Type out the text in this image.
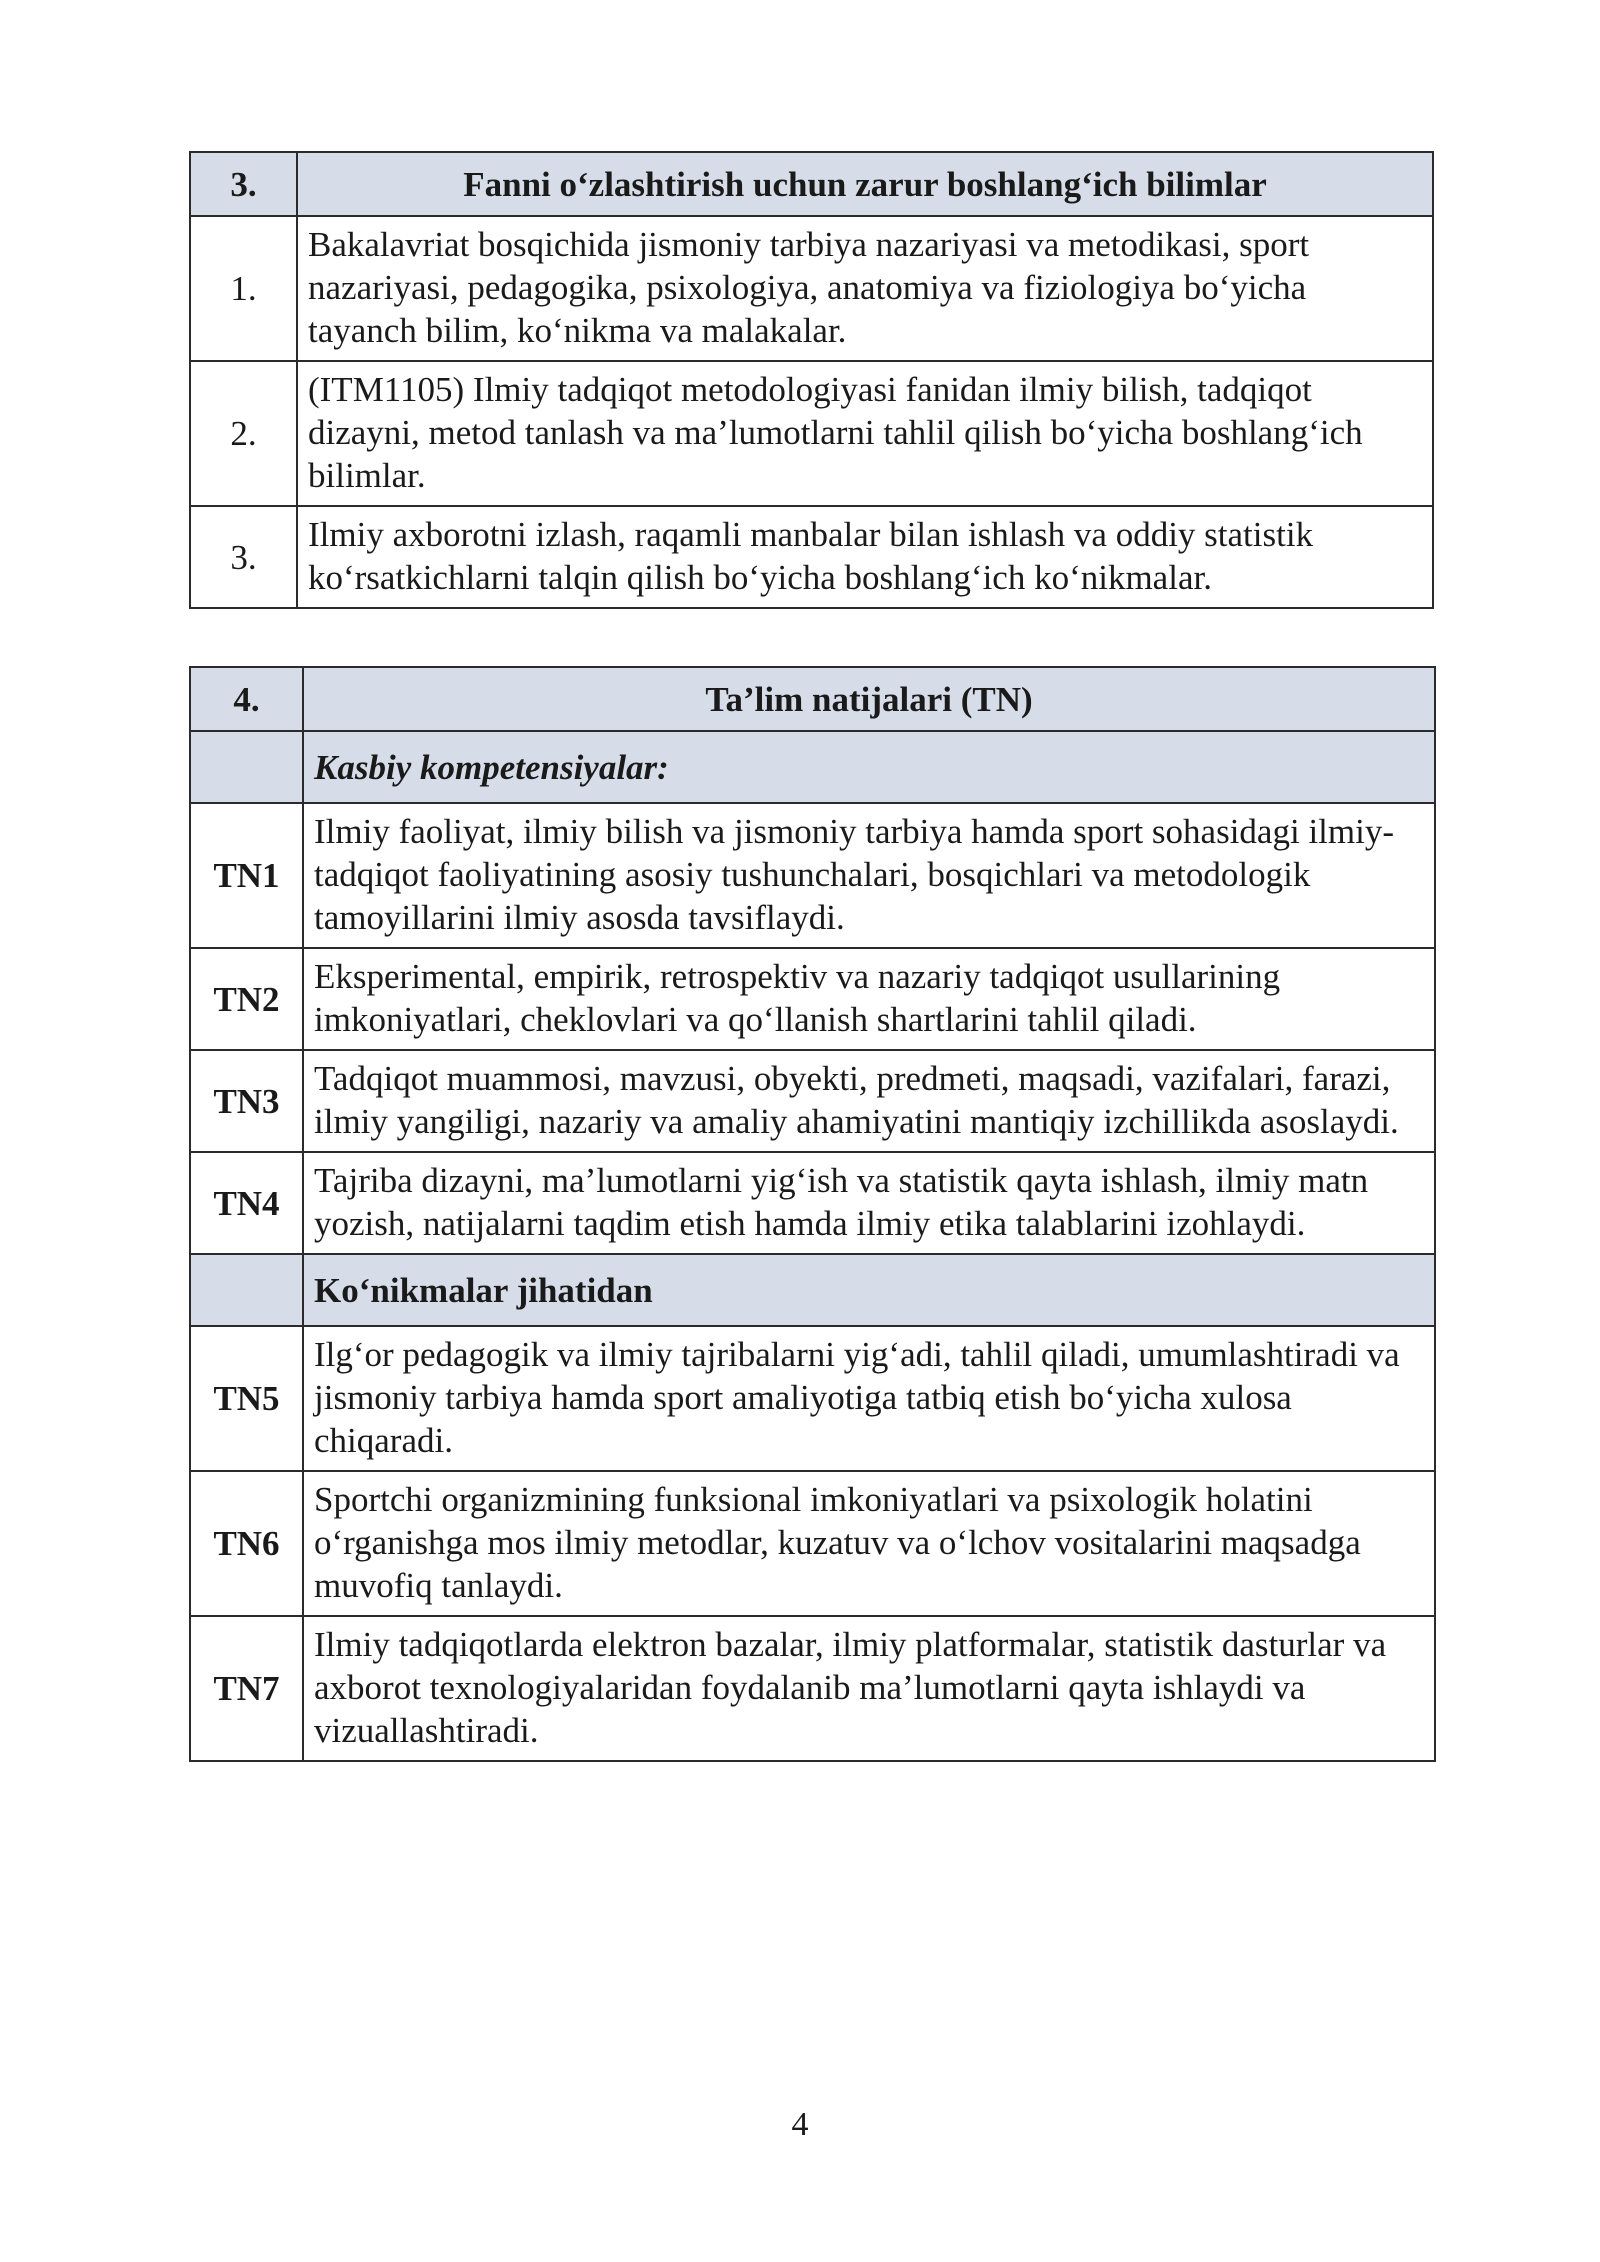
3.	Fanni o‘zlashtirish uchun zarur boshlang‘ich bilimlar
1.	Bakalavriat bosqichida jismoniy tarbiya nazariyasi va metodikasi, sport nazariyasi, pedagogika, psixologiya, anatomiya va fiziologiya bo‘yicha tayanch bilim, ko‘nikma va malakalar.
2.	(ITM1105) Ilmiy tadqiqot metodologiyasi fanidan ilmiy bilish, tadqiqot dizayni, metod tanlash va ma’lumotlarni tahlil qilish bo‘yicha boshlang‘ich bilimlar.
3.	Ilmiy axborotni izlash, raqamli manbalar bilan ishlash va oddiy statistik ko‘rsatkichlarni talqin qilish bo‘yicha boshlang‘ich ko‘nikmalar.
4.	Ta’lim natijalari (TN)
	Kasbiy kompetensiyalar:
TN1	Ilmiy faoliyat, ilmiy bilish va jismoniy tarbiya hamda sport sohasidagi ilmiy-tadqiqot faoliyatining asosiy tushunchalari, bosqichlari va metodologik tamoyillarini ilmiy asosda tavsiflaydi.
TN2	Eksperimental, empirik, retrospektiv va nazariy tadqiqot usullarining imkoniyatlari, cheklovlari va qo‘llanish shartlarini tahlil qiladi.
TN3	Tadqiqot muammosi, mavzusi, obyekti, predmeti, maqsadi, vazifalari, farazi, ilmiy yangiligi, nazariy va amaliy ahamiyatini mantiqiy izchillikda asoslaydi.
TN4	Tajriba dizayni, ma’lumotlarni yig‘ish va statistik qayta ishlash, ilmiy matn yozish, natijalarni taqdim etish hamda ilmiy etika talablarini izohlaydi.
	Ko‘nikmalar jihatidan
TN5	Ilg‘or pedagogik va ilmiy tajribalarni yig‘adi, tahlil qiladi, umumlashtiradi va jismoniy tarbiya hamda sport amaliyotiga tatbiq etish bo‘yicha xulosa chiqaradi.
TN6	Sportchi organizmining funksional imkoniyatlari va psixologik holatini o‘rganishga mos ilmiy metodlar, kuzatuv va o‘lchov vositalarini maqsadga muvofiq tanlaydi.
TN7	Ilmiy tadqiqotlarda elektron bazalar, ilmiy platformalar, statistik dasturlar va axborot texnologiyalaridan foydalanib ma’lumotlarni qayta ishlaydi va vizuallashtiradi.
4
